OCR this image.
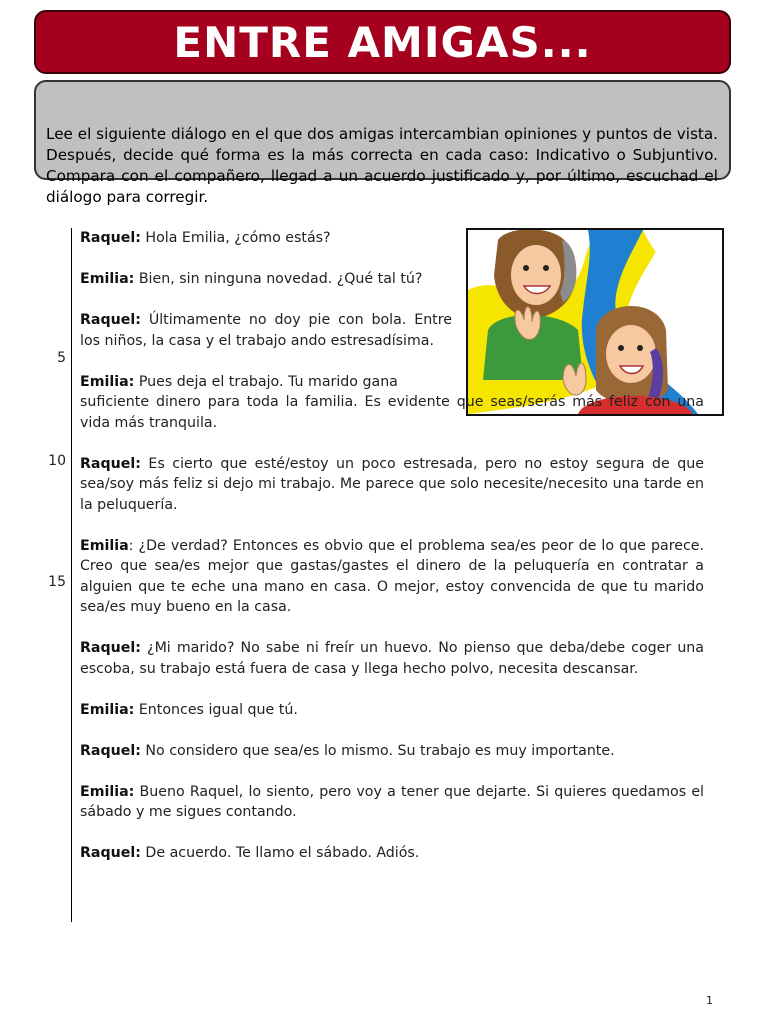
ENTRE AMIGAS...
Lee el siguiente diálogo en el que dos amigas intercambian opiniones y puntos de vista. Después, decide qué forma es la más correcta en cada caso: Indicativo o Subjuntivo. Compara con el compañero, llegad a un acuerdo justificado y, por último, escuchad el diálogo para corregir.
5
10
15

Raquel: Hola Emilia, ¿cómo estás?

Emilia: Bien, sin ninguna novedad. ¿Qué tal tú?

Raquel: Últimamente no doy pie con bola. Entre los niños, la casa y el trabajo ando estresadísima.

Emilia: Pues deja el trabajo. Tu marido gana
suficiente dinero para toda la familia. Es evidente que seas/serás más feliz con una vida más tranquila.

Raquel: Es cierto que esté/estoy un poco estresada, pero no estoy segura de que sea/soy más feliz si dejo mi trabajo. Me parece que solo necesite/necesito una tarde en la peluquería.

Emilia: ¿De verdad? Entonces es obvio que el problema sea/es peor de lo que parece. Creo que sea/es mejor que gastas/gastes el dinero de la peluquería en contratar a alguien que te eche una mano en casa. O mejor, estoy convencida de que tu marido sea/es muy bueno en la casa.

Raquel: ¿Mi marido? No sabe ni freír un huevo. No pienso que deba/debe coger una escoba, su trabajo está fuera de casa y llega hecho polvo, necesita descansar.

Emilia: Entonces igual que tú.

Raquel: No considero que sea/es lo mismo. Su trabajo es muy importante.

Emilia: Bueno Raquel, lo siento, pero voy a tener que dejarte. Si quieres quedamos el sábado y me sigues contando.

Raquel: De acuerdo. Te llamo el sábado. Adiós.

1
